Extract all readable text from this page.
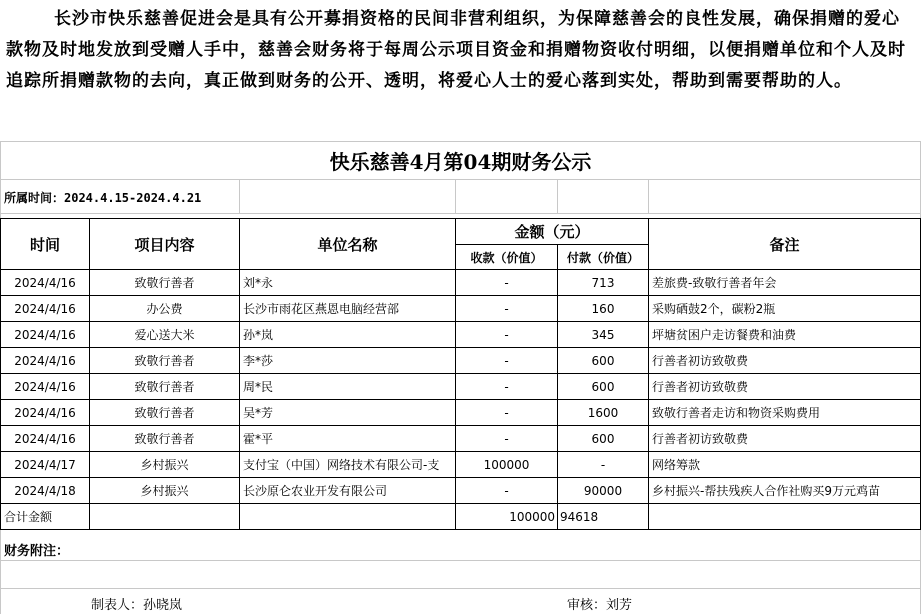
长沙市快乐慈善促进会是具有公开募捐资格的民间非营利组织，为保障慈善会的良性发展，确保捐赠的爱心款物及时地发放到受赠人手中，慈善会财务将于每周公示项目资金和捐赠物资收付明细，以便捐赠单位和个人及时追踪所捐赠款物的去向，真正做到财务的公开、透明，将爱心人士的爱心落到实处，帮助到需要帮助的人。
快乐慈善4月第04期财务公示
所属时间：2024.4.15-2024.4.21
时间	项目内容	单位名称	金额（元）		备注
			收款（价值）	付款（价值）	
2024/4/16	致敬行善者	刘*永	-	713	差旅费-致敬行善者年会
2024/4/16	办公费	长沙市雨花区燕恩电脑经营部	-	160	采购硒鼓2个，碳粉2瓶
2024/4/16	爱心送大米	孙*岚	-	345	坪塘贫困户走访餐费和油费
2024/4/16	致敬行善者	李*莎	-	600	行善者初访致敬费
2024/4/16	致敬行善者	周*民	-	600	行善者初访致敬费
2024/4/16	致敬行善者	吴*芳	-	1600	致敬行善者走访和物资采购费用
2024/4/16	致敬行善者	霍*平	-	600	行善者初访致敬费
2024/4/17	乡村振兴	支付宝（中国）网络技术有限公司-支	100000	-	网络筹款
2024/4/18	乡村振兴	长沙原仑农业开发有限公司	-	90000	乡村振兴-帮扶残疾人合作社购买9万元鸡苗
合计金额			100000	94618	
财务附注：
制表人：孙晓岚	审核：刘芳
